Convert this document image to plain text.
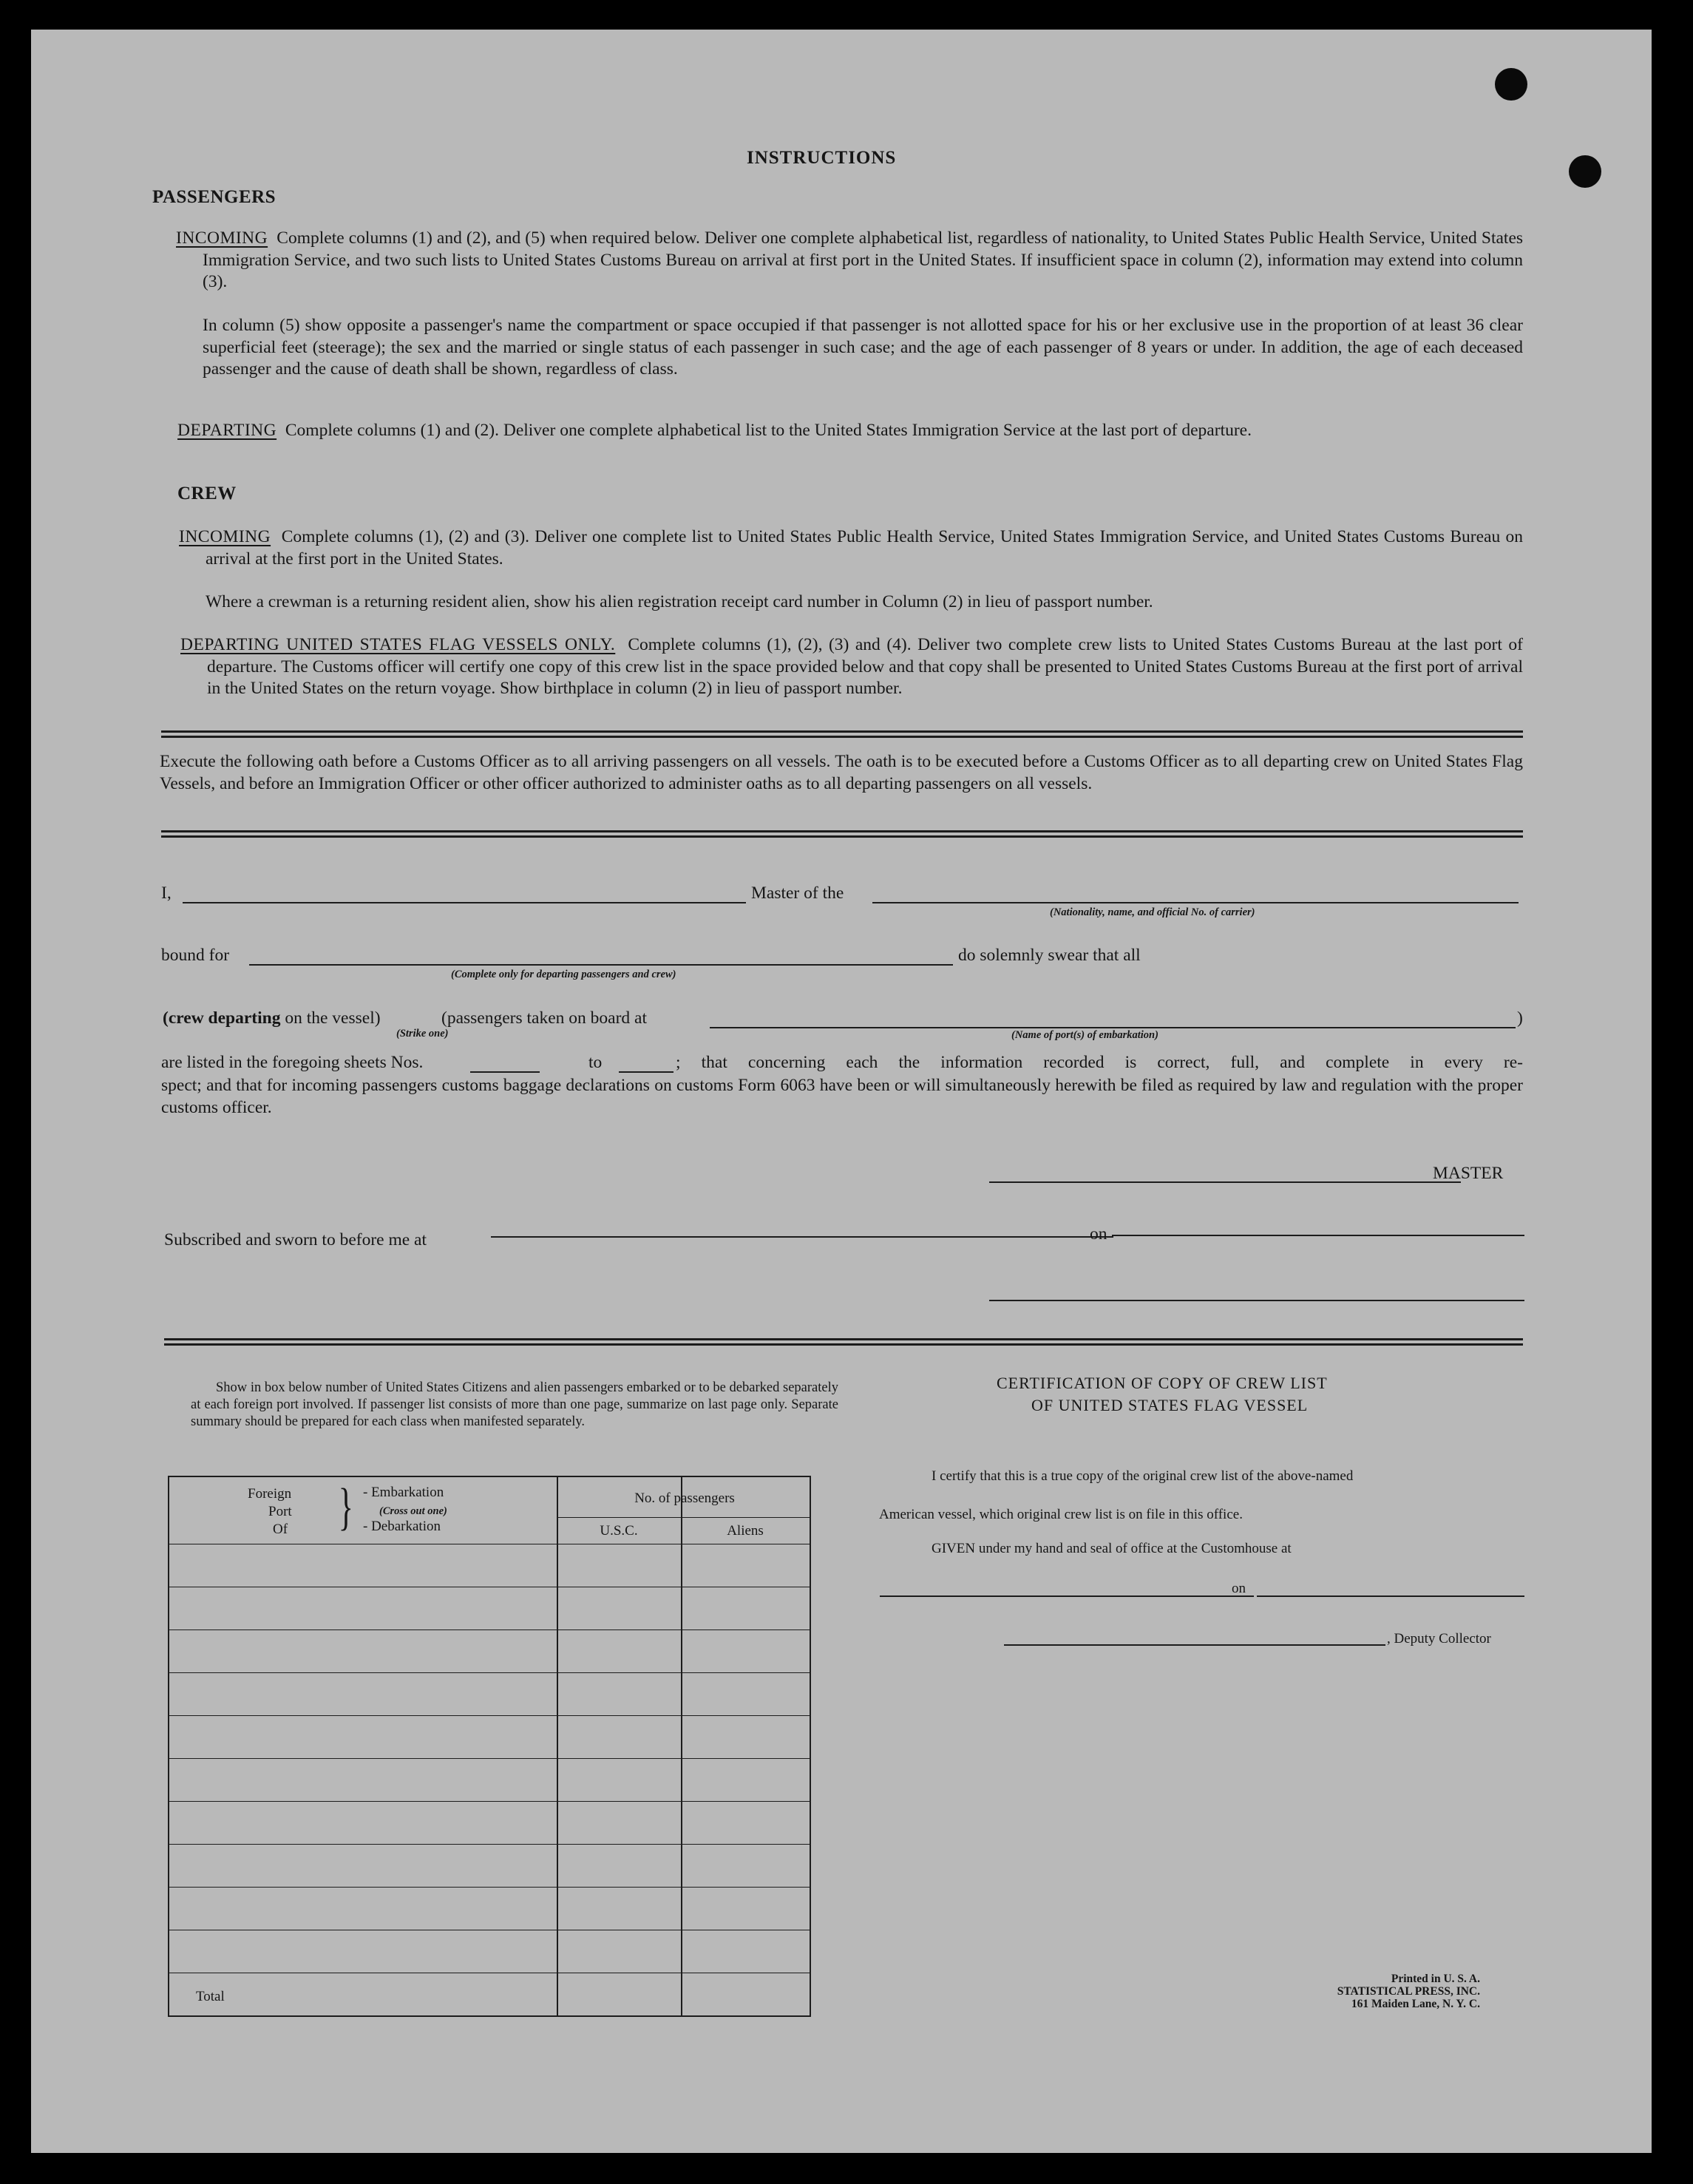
INSTRUCTIONS
PASSENGERS
INCOMING Complete columns (1) and (2), and (5) when required below. Deliver one complete alphabetical list, regardless of nationality, to United States Public Health Service, United States Immigration Service, and two such lists to United States Customs Bureau on arrival at first port in the United States. If insufficient space in column (2), information may extend into column (3).
In column (5) show opposite a passenger's name the compartment or space occupied if that passenger is not allotted space for his or her exclusive use in the proportion of at least 36 clear superficial feet (steerage); the sex and the married or single status of each passenger in such case; and the age of each passenger of 8 years or under. In addition, the age of each deceased passenger and the cause of death shall be shown, regardless of class.
DEPARTING Complete columns (1) and (2). Deliver one complete alphabetical list to the United States Immigration Service at the last port of departure.
CREW
INCOMING Complete columns (1), (2) and (3). Deliver one complete list to United States Public Health Service, United States Immigration Service, and United States Customs Bureau on arrival at the first port in the United States.
Where a crewman is a returning resident alien, show his alien registration receipt card number in Column (2) in lieu of passport number.
DEPARTING UNITED STATES FLAG VESSELS ONLY. Complete columns (1), (2), (3) and (4). Deliver two complete crew lists to United States Customs Bureau at the last port of departure. The Customs officer will certify one copy of this crew list in the space provided below and that copy shall be presented to United States Customs Bureau at the first port of arrival in the United States on the return voyage. Show birthplace in column (2) in lieu of passport number.
Execute the following oath before a Customs Officer as to all arriving passengers on all vessels. The oath is to be executed before a Customs Officer as to all departing crew on United States Flag Vessels, and before an Immigration Officer or other officer authorized to administer oaths as to all departing passengers on all vessels.
I,	Master of the
(Nationality, name, and official No. of carrier)
bound for
(Complete only for departing passengers and crew)
do solemnly swear that all
(crew departing on the vessel)
(Strike one)
(passengers taken on board at	)
(Name of port(s) of embarkation)
are listed in the foregoing sheets Nos.	to	; that concerning each the information recorded is correct, full, and complete in every re-
spect; and that for incoming passengers customs baggage declarations on customs Form 6063 have been or will simultaneously herewith be filed as required by law and regulation with the proper customs officer.
MASTER
Subscribed and sworn to before me at	on
Show in box below number of United States Citizens and alien passengers embarked or to be debarked separately at each foreign port involved. If passenger list consists of more than one page, summarize on last page only. Separate summary should be prepared for each class when manifested separately.
Foreign
Port
Of } - Embarkation
(Cross out one)
- Debarkation
No. of passengers
U.S.C.	Aliens
Total
CERTIFICATION OF COPY OF CREW LIST
OF UNITED STATES FLAG VESSEL
I certify that this is a true copy of the original crew list of the above-named
American vessel, which original crew list is on file in this office.
GIVEN under my hand and seal of office at the Customhouse at
on
, Deputy Collector
Printed in U. S. A.
STATISTICAL PRESS, INC.
161 Maiden Lane, N. Y. C.
